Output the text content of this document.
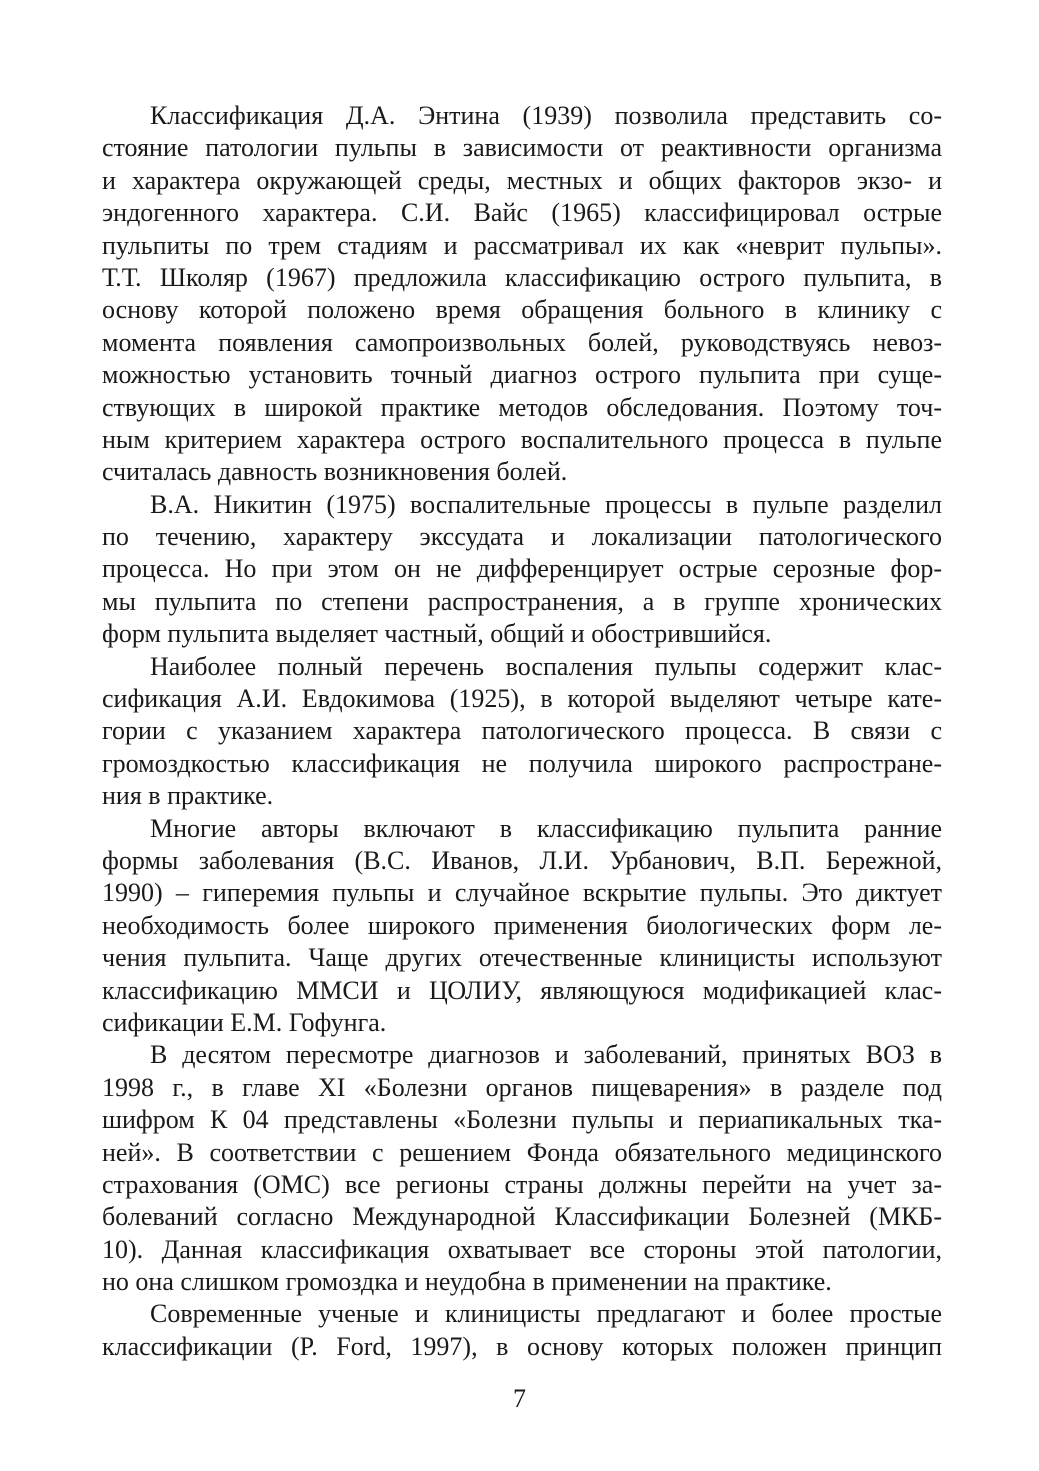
Классификация Д.А. Энтина (1939) позволила представить со-
стояние патологии пульпы в зависимости от реактивности организма
и характера окружающей среды, местных и общих факторов экзо- и
эндогенного характера. С.И. Вайс (1965) классифицировал острые
пульпиты по трем стадиям и рассматривал их как «неврит пульпы».
Т.Т. Школяр (1967) предложила классификацию острого пульпита, в
основу которой положено время обращения больного в клинику с
момента появления самопроизвольных болей, руководствуясь невоз-
можностью установить точный диагноз острого пульпита при суще-
ствующих в широкой практике методов обследования. Поэтому точ-
ным критерием характера острого воспалительного процесса в пульпе
считалась давность возникновения болей.
В.А. Никитин (1975) воспалительные процессы в пульпе разделил
по течению, характеру экссудата и локализации патологического
процесса. Но при этом он не дифференцирует острые серозные фор-
мы пульпита по степени распространения, а в группе хронических
форм пульпита выделяет частный, общий и обострившийся.
Наиболее полный перечень воспаления пульпы содержит клас-
сификация А.И. Евдокимова (1925), в которой выделяют четыре кате-
гории с указанием характера патологического процесса. В связи с
громоздкостью классификация не получила широкого распростране-
ния в практике.
Многие авторы включают в классификацию пульпита ранние
формы заболевания (В.С. Иванов, Л.И. Урбанович, В.П. Бережной,
1990) – гиперемия пульпы и случайное вскрытие пульпы. Это диктует
необходимость более широкого применения биологических форм ле-
чения пульпита. Чаще других отечественные клиницисты используют
классификацию ММСИ и ЦОЛИУ, являющуюся модификацией клас-
сификации Е.М. Гофунга.
В десятом пересмотре диагнозов и заболеваний, принятых ВОЗ в
1998 г., в главе XI «Болезни органов пищеварения» в разделе под
шифром К 04 представлены «Болезни пульпы и периапикальных тка-
ней». В соответствии с решением Фонда обязательного медицинского
страхования (ОМС) все регионы страны должны перейти на учет за-
болеваний согласно Международной Классификации Болезней (МКБ-
10). Данная классификация охватывает все стороны этой патологии,
но она слишком громоздка и неудобна в применении на практике.
Современные ученые и клиницисты предлагают и более простые
классификации (P. Ford, 1997), в основу которых положен принцип
7
